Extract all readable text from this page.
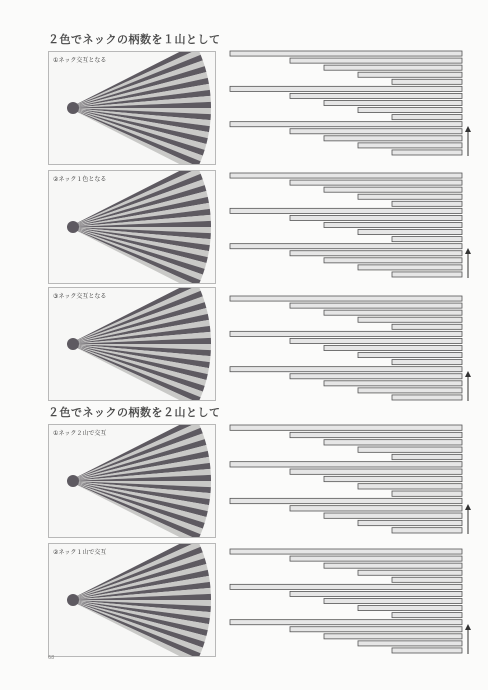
２色でネックの柄数を１山として
２色でネックの柄数を２山として
①ネック交互となる
②ネック１色となる
③ネック交互となる
①ネック２山で交互
②ネック１山で交互
68
